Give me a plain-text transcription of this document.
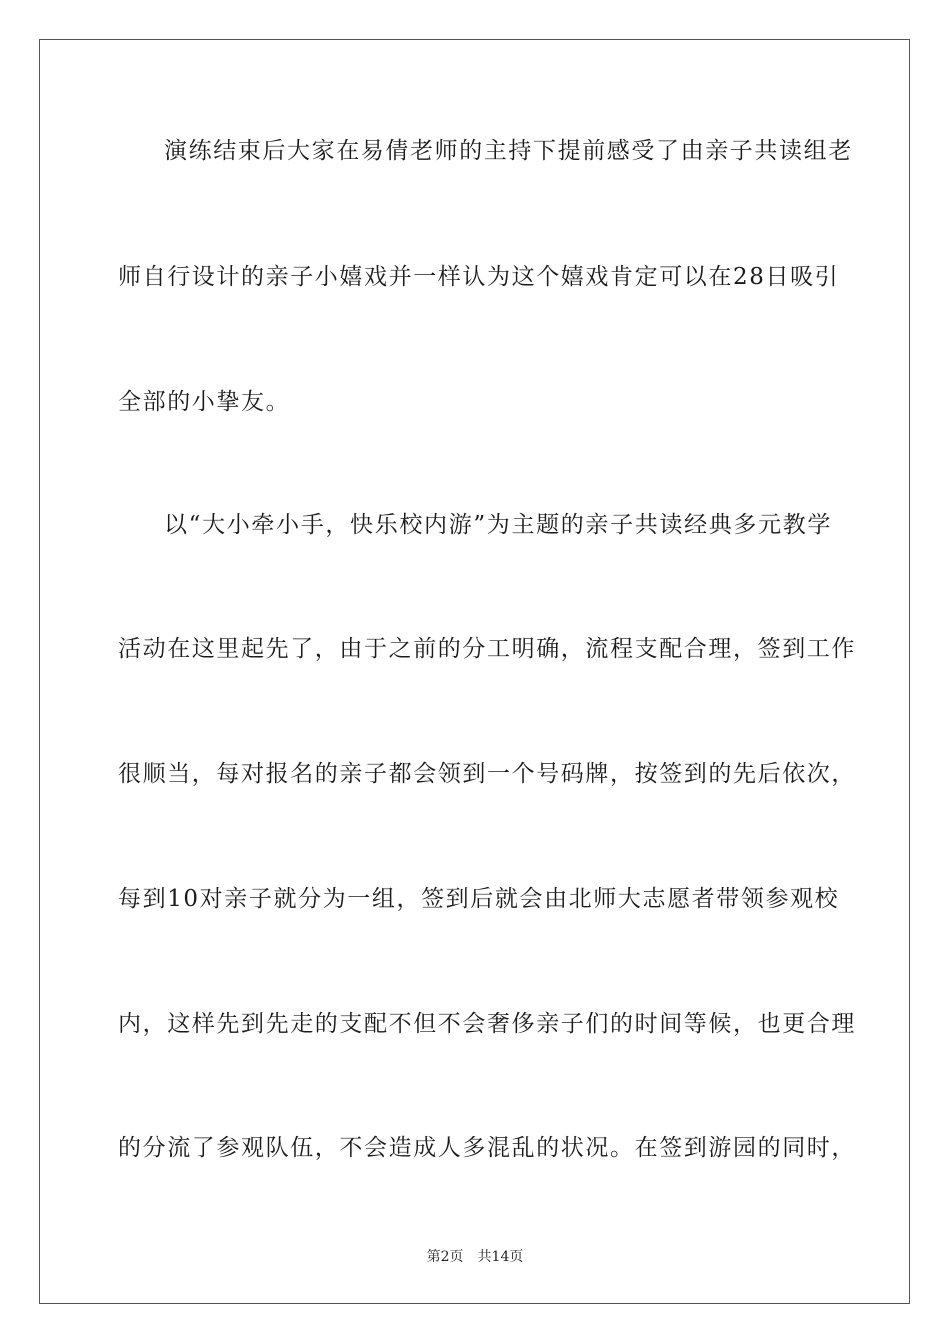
演练结束后大家在易倩老师的主持下提前感受了由亲子共读组老
师自行设计的亲子小嬉戏并一样认为这个嬉戏肯定可以在28日吸引
全部的小挚友。
以“大小牵小手，快乐校内游”为主题的亲子共读经典多元教学
活动在这里起先了，由于之前的分工明确，流程支配合理，签到工作
很顺当，每对报名的亲子都会领到一个号码牌，按签到的先后依次，
每到10对亲子就分为一组，签到后就会由北师大志愿者带领参观校
内，这样先到先走的支配不但不会奢侈亲子们的时间等候，也更合理
的分流了参观队伍，不会造成人多混乱的状况。在签到游园的同时，
第2页 共14页
